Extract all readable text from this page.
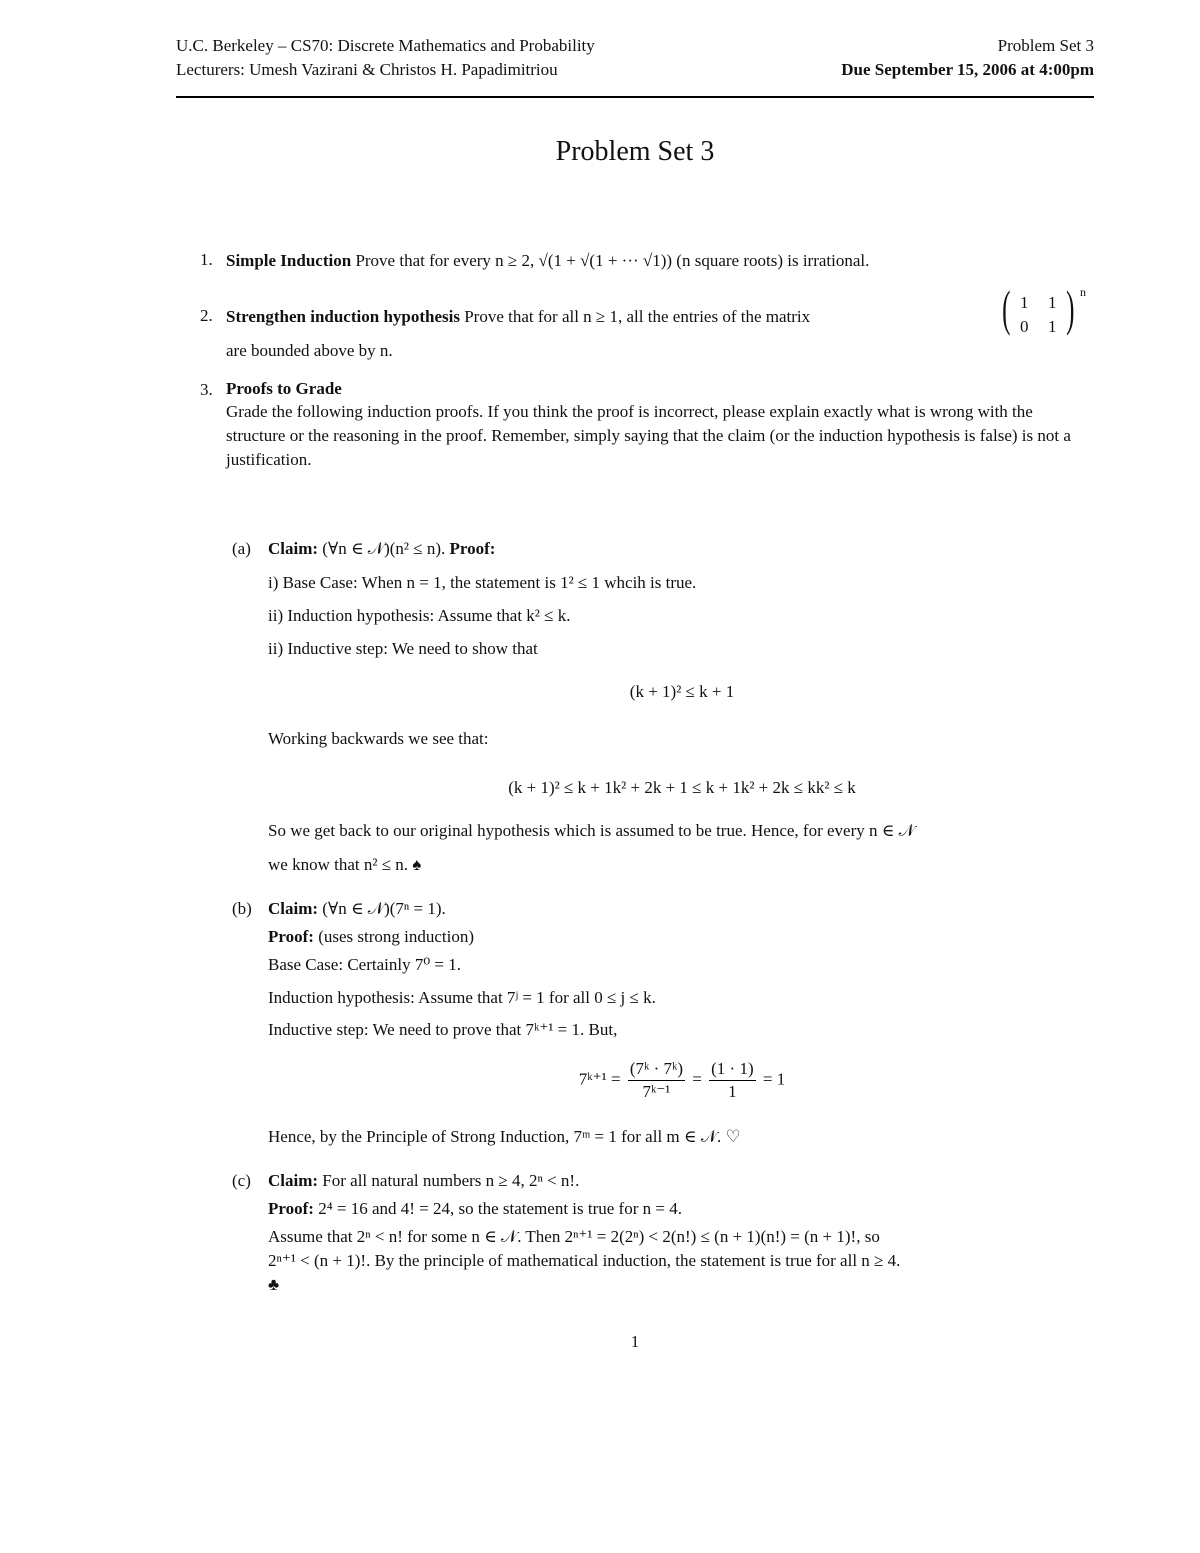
U.C. Berkeley – CS70: Discrete Mathematics and Probability
Lecturers: Umesh Vazirani & Christos H. Papadimitriou
Problem Set 3
Due September 15, 2006 at 4:00pm
Problem Set 3
1. Simple Induction Prove that for every n ≥ 2, √(1 + √(1 + ··· √1)) (n square roots) is irrational.
2. Strengthen induction hypothesis Prove that for all n ≥ 1, all the entries of the matrix	( 1 1
0 1 ) n
are bounded above by n.
3. Proofs to Grade
Grade the following induction proofs. If you think the proof is incorrect, please explain exactly what is wrong with the structure or the reasoning in the proof. Remember, simply saying that the claim (or the induction hypothesis is false) is not a justification.
(a) Claim: (∀n ∈ 𝒩)(n² ≤ n). Proof:
i) Base Case: When n = 1, the statement is 1² ≤ 1 whcih is true.
ii) Induction hypothesis: Assume that k² ≤ k.
ii) Inductive step: We need to show that
(k + 1)² ≤ k + 1
Working backwards we see that:
(k + 1)² ≤ k + 1k² + 2k + 1 ≤ k + 1k² + 2k ≤ kk² ≤ k
So we get back to our original hypothesis which is assumed to be true. Hence, for every n ∈ 𝒩
we know that n² ≤ n. ♠
(b) Claim: (∀n ∈ 𝒩)(7ⁿ = 1).
Proof: (uses strong induction)
Base Case: Certainly 7⁰ = 1.
Induction hypothesis: Assume that 7ʲ = 1 for all 0 ≤ j ≤ k.
Inductive step: We need to prove that 7ᵏ⁺¹ = 1. But,
7ᵏ⁺¹ = $\frac{\text{(7ᵏ · 7ᵏ)}}{\text{7ᵏ⁻¹}} = \frac{(1 \cdot 1)}{1} = 1$
Hence, by the Principle of Strong Induction, 7ᵐ = 1 for all m ∈ 𝒩. ♡
(c) Claim: For all natural numbers n ≥ 4, 2ⁿ < n!.
Proof: 2⁴ = 16 and 4! = 24, so the statement is true for n = 4.
Assume that 2ⁿ < n! for some n ∈ 𝒩. Then 2ⁿ⁺¹ = 2(2ⁿ) < 2(n!) ≤ (n + 1)(n!) = (n + 1)!, so
2ⁿ⁺¹ < (n + 1)!. By the principle of mathematical induction, the statement is true for all n ≥ 4.
♣
1
